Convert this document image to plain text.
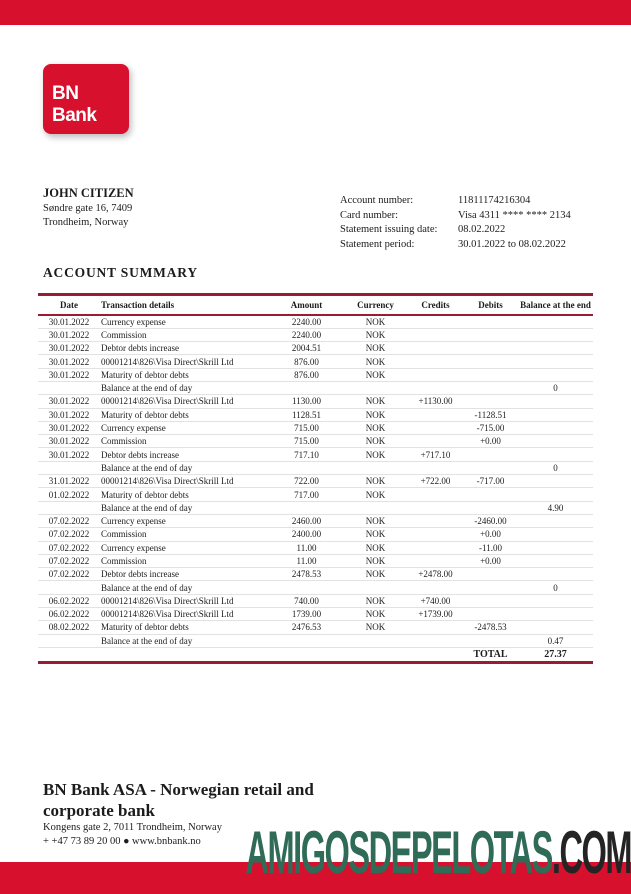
BN Bank
JOHN CITIZEN
Søndre gate 16, 7409
Trondheim, Norway
Account number:	11811174216304
Card number:	Visa 4311 **** **** 2134
Statement issuing date:	08.02.2022
Statement period:	30.01.2022 to 08.02.2022
ACCOUNT SUMMARY
Date	Transaction details	Amount	Currency	Credits	Debits	Balance at the end
30.01.2022	Currency expense	2240.00	NOK			
30.01.2022	Commission	2240.00	NOK			
30.01.2022	Debtor debts increase	2004.51	NOK			
30.01.2022	00001214\826\Visa Direct\Skrill Ltd	876.00	NOK			
30.01.2022	Maturity of debtor debts	876.00	NOK			
	Balance at the end of day					0
30.01.2022	00001214\826\Visa Direct\Skrill Ltd	1130.00	NOK	+1130.00		
30.01.2022	Maturity of debtor debts	1128.51	NOK		-1128.51	
30.01.2022	Currency expense	715.00	NOK		-715.00	
30.01.2022	Commission	715.00	NOK		+0.00	
30.01.2022	Debtor debts increase	717.10	NOK	+717.10		
	Balance at the end of day					0
31.01.2022	00001214\826\Visa Direct\Skrill Ltd	722.00	NOK	+722.00	-717.00	
01.02.2022	Maturity of debtor debts	717.00	NOK			
	Balance at the end of day					4.90
07.02.2022	Currency expense	2460.00	NOK		-2460.00	
07.02.2022	Commission	2400.00	NOK		+0.00	
07.02.2022	Currency expense	11.00	NOK		-11.00	
07.02.2022	Commission	11.00	NOK		+0.00	
07.02.2022	Debtor debts increase	2478.53	NOK	+2478.00		
	Balance at the end of day					0
06.02.2022	00001214\826\Visa Direct\Skrill Ltd	740.00	NOK	+740.00		
06.02.2022	00001214\826\Visa Direct\Skrill Ltd	1739.00	NOK	+1739.00		
08.02.2022	Maturity of debtor debts	2476.53	NOK		-2478.53	
	Balance at the end of day					0.47
					TOTAL	27.37
BN Bank ASA - Norwegian retail and
corporate bank
Kongens gate 2, 7011 Trondheim, Norway
+ +47 73 89 20 00 ● www.bnbank.no	AMIGOSDEPELOTAS.COM
